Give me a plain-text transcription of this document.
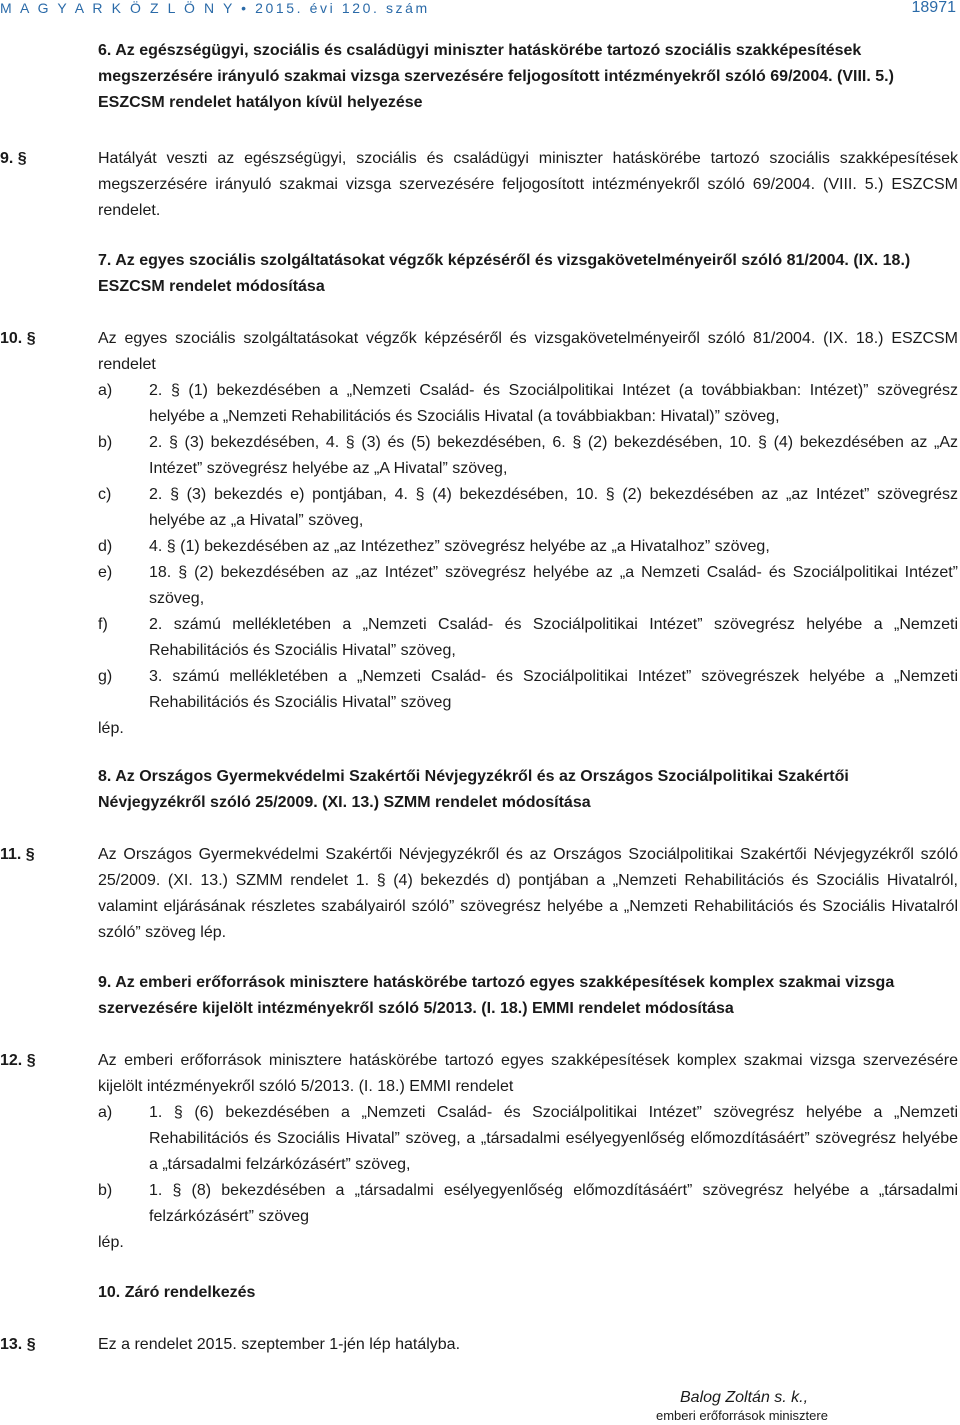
M A G Y A R K Ö Z L Ö N Y • 2015. évi 120. szám	18971
6. Az egészségügyi, szociális és családügyi miniszter hatáskörébe tartozó szociális szakképesítések megszerzésére irányuló szakmai vizsga szervezésére feljogosított intézményekről szóló 69/2004. (VIII. 5.) ESZCSM rendelet hatályon kívül helyezése
9. §	Hatályát veszti az egészségügyi, szociális és családügyi miniszter hatáskörébe tartozó szociális szakképesítések megszerzésére irányuló szakmai vizsga szervezésére feljogosított intézményekről szóló 69/2004. (VIII. 5.) ESZCSM rendelet.
7. Az egyes szociális szolgáltatásokat végzők képzéséről és vizsgakövetelményeiről szóló 81/2004. (IX. 18.) ESZCSM rendelet módosítása
10. §	Az egyes szociális szolgáltatásokat végzők képzéséről és vizsgakövetelményeiről szóló 81/2004. (IX. 18.) ESZCSM rendelet
a) 2. § (1) bekezdésében a „Nemzeti Család- és Szociálpolitikai Intézet (a továbbiakban: Intézet)” szövegrész helyébe a „Nemzeti Rehabilitációs és Szociális Hivatal (a továbbiakban: Hivatal)” szöveg,
b) 2. § (3) bekezdésében, 4. § (3) és (5) bekezdésében, 6. § (2) bekezdésében, 10. § (4) bekezdésében az „Az Intézet” szövegrész helyébe az „A Hivatal” szöveg,
c) 2. § (3) bekezdés e) pontjában, 4. § (4) bekezdésében, 10. § (2) bekezdésében az „az Intézet” szövegrész helyébe az „a Hivatal” szöveg,
d) 4. § (1) bekezdésében az „az Intézethez” szövegrész helyébe az „a Hivatalhoz” szöveg,
e) 18. § (2) bekezdésében az „az Intézet” szövegrész helyébe az „a Nemzeti Család- és Szociálpolitikai Intézet” szöveg,
f)	2. számú mellékletében a „Nemzeti Család- és Szociálpolitikai Intézet” szövegrész helyébe a „Nemzeti Rehabilitációs és Szociális Hivatal” szöveg,
g) 3. számú mellékletében a „Nemzeti Család- és Szociálpolitikai Intézet” szövegrészek helyébe a „Nemzeti Rehabilitációs és Szociális Hivatal” szöveg
lép.
8. Az Országos Gyermekvédelmi Szakértői Névjegyzékről és az Országos Szociálpolitikai Szakértői Névjegyzékről szóló 25/2009. (XI. 13.) SZMM rendelet módosítása
11. §	Az Országos Gyermekvédelmi Szakértői Névjegyzékről és az Országos Szociálpolitikai Szakértői Névjegyzékről szóló 25/2009. (XI. 13.) SZMM rendelet 1. § (4) bekezdés d) pontjában a „Nemzeti Rehabilitációs és Szociális Hivatalról, valamint eljárásának részletes szabályairól szóló” szövegrész helyébe a „Nemzeti Rehabilitációs és Szociális Hivatalról szóló” szöveg lép.
9. Az emberi erőforrások minisztere hatáskörébe tartozó egyes szakképesítések komplex szakmai vizsga szervezésére kijelölt intézményekről szóló 5/2013. (I. 18.) EMMI rendelet módosítása
12. §	Az emberi erőforrások minisztere hatáskörébe tartozó egyes szakképesítések komplex szakmai vizsga szervezésére kijelölt intézményekről szóló 5/2013. (I. 18.) EMMI rendelet
a) 1. § (6) bekezdésében a „Nemzeti Család- és Szociálpolitikai Intézet” szövegrész helyébe a „Nemzeti Rehabilitációs és Szociális Hivatal” szöveg, a „társadalmi esélyegyenlőség előmozdításáért” szövegrész helyébe a „társadalmi felzárkózásért” szöveg,
b) 1. § (8) bekezdésében a „társadalmi esélyegyenlőség előmozdításáért” szövegrész helyébe a „társadalmi felzárkózásért” szöveg
lép.
10. Záró rendelkezés
13. §	Ez a rendelet 2015. szeptember 1-jén lép hatályba.
Balog Zoltán s. k.,
emberi erőforrások minisztere
